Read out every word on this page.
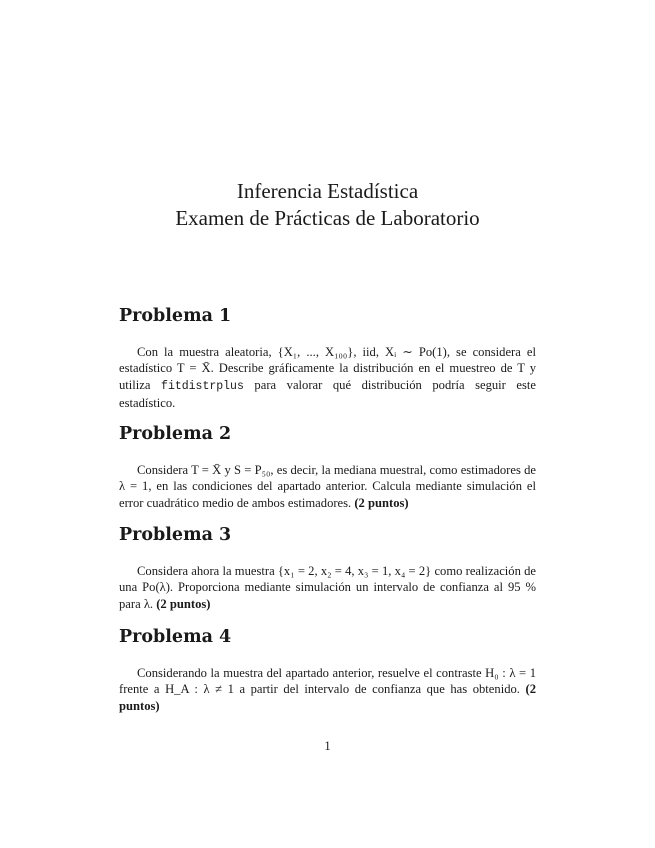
Inferencia Estadística
Examen de Prácticas de Laboratorio
Problema 1

Con la muestra aleatoria, {X₁, ..., X₁₀₀}, iid, Xᵢ ∼ Po(1), se considera el estadístico T = X̄. Describe gráficamente la distribución en el muestreo de T y utiliza fitdistrplus para valorar qué distribución podría seguir este estadístico.

Problema 2

Considera T = X̄ y S = P₅₀, es decir, la mediana muestral, como estimadores de λ = 1, en las condiciones del apartado anterior. Calcula mediante simulación el error cuadrático medio de ambos estimadores. (2 puntos)

Problema 3

Considera ahora la muestra {x₁ = 2, x₂ = 4, x₃ = 1, x₄ = 2} como realización de una Po(λ). Proporciona mediante simulación un intervalo de confianza al 95 % para λ. (2 puntos)

Problema 4

Considerando la muestra del apartado anterior, resuelve el contraste H₀ : λ = 1 frente a H_A : λ ≠ 1 a partir del intervalo de confianza que has obtenido. (2 puntos)

1
